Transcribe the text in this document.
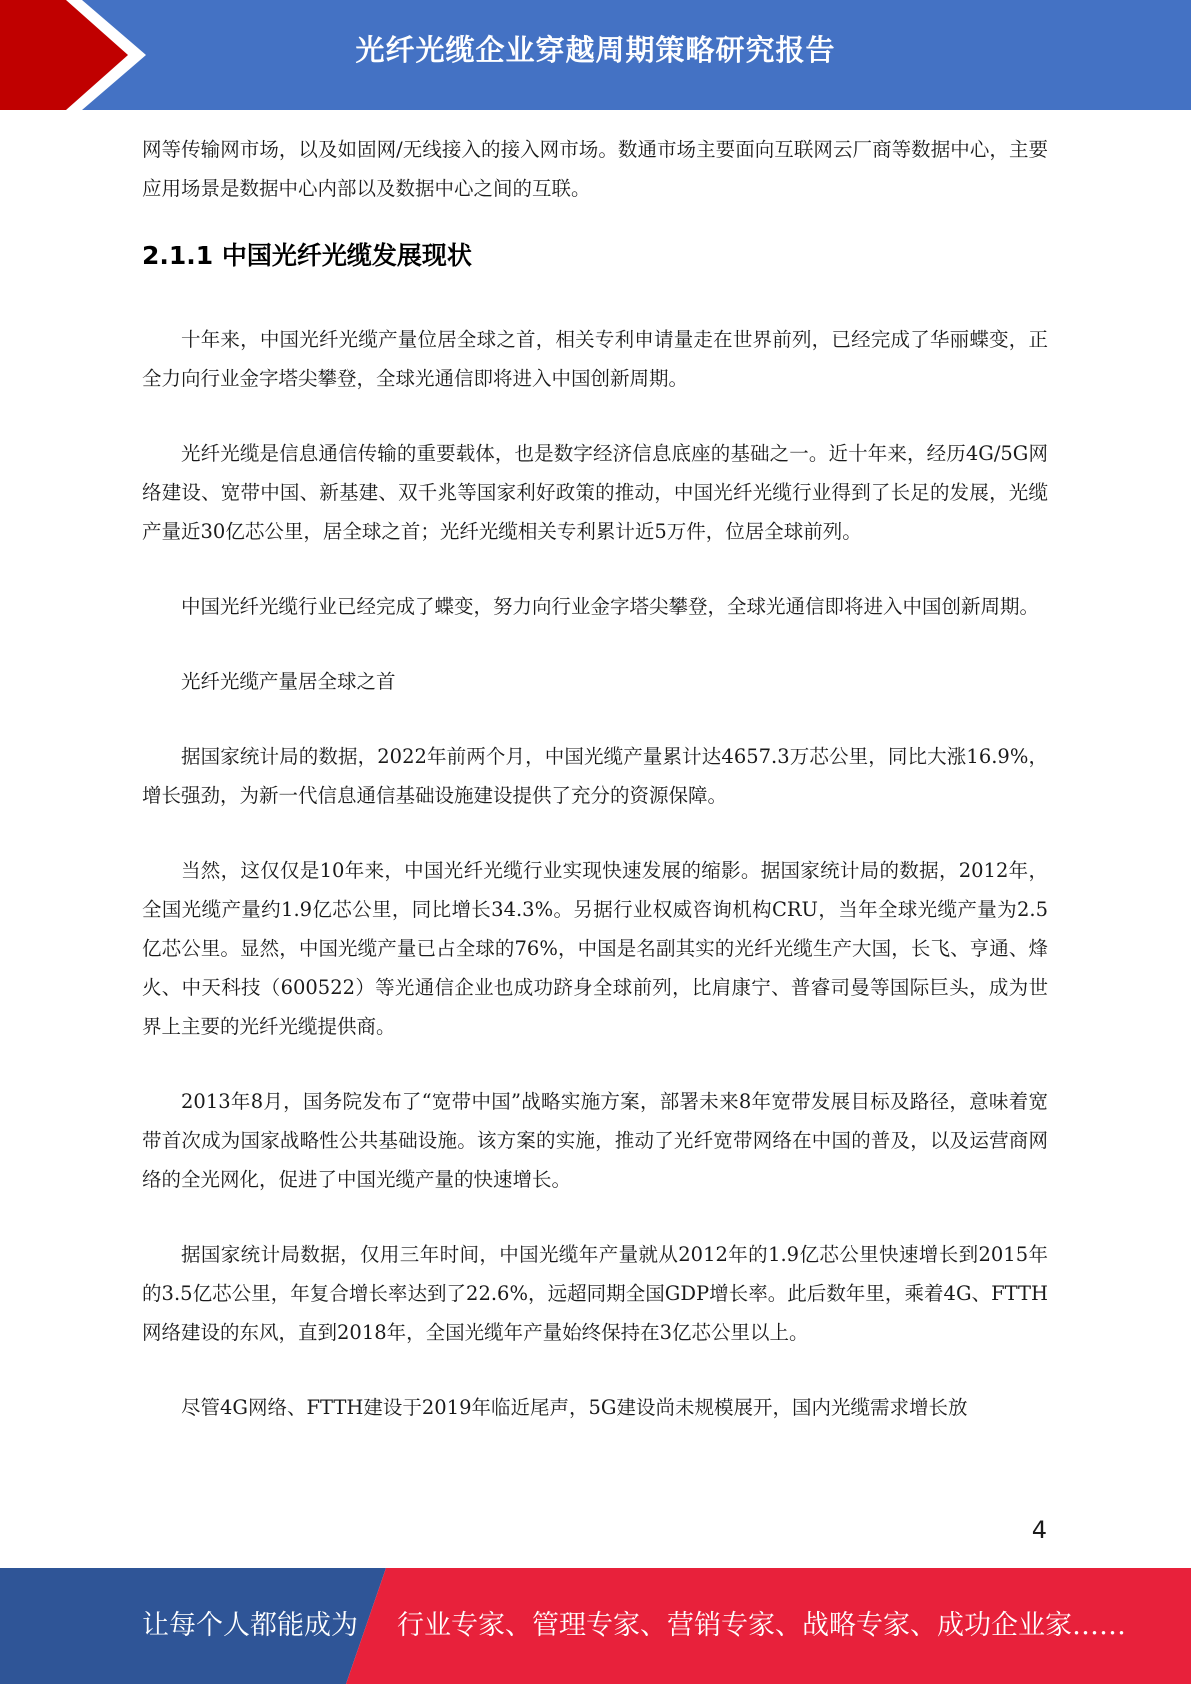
光纤光缆企业穿越周期策略研究报告

网等传输网市场，以及如固网/无线接入的接入网市场。数通市场主要面向互联网云厂商等数据中心，主要应用场景是数据中心内部以及数据中心之间的互联。

2.1.1 中国光纤光缆发展现状

十年来，中国光纤光缆产量位居全球之首，相关专利申请量走在世界前列，已经完成了华丽蝶变，正全力向行业金字塔尖攀登，全球光通信即将进入中国创新周期。

光纤光缆是信息通信传输的重要载体，也是数字经济信息底座的基础之一。近十年来，经历4G/5G网络建设、宽带中国、新基建、双千兆等国家利好政策的推动，中国光纤光缆行业得到了长足的发展，光缆产量近30亿芯公里，居全球之首；光纤光缆相关专利累计近5万件，位居全球前列。

中国光纤光缆行业已经完成了蝶变，努力向行业金字塔尖攀登，全球光通信即将进入中国创新周期。

光纤光缆产量居全球之首

据国家统计局的数据，2022年前两个月，中国光缆产量累计达4657.3万芯公里，同比大涨16.9%，增长强劲，为新一代信息通信基础设施建设提供了充分的资源保障。

当然，这仅仅是10年来，中国光纤光缆行业实现快速发展的缩影。据国家统计局的数据，2012年，全国光缆产量约1.9亿芯公里，同比增长34.3%。另据行业权威咨询机构CRU，当年全球光缆产量为2.5亿芯公里。显然，中国光缆产量已占全球的76%，中国是名副其实的光纤光缆生产大国，长飞、亨通、烽火、中天科技（600522）等光通信企业也成功跻身全球前列，比肩康宁、普睿司曼等国际巨头，成为世界上主要的光纤光缆提供商。

2013年8月，国务院发布了“宽带中国”战略实施方案，部署未来8年宽带发展目标及路径，意味着宽带首次成为国家战略性公共基础设施。该方案的实施，推动了光纤宽带网络在中国的普及，以及运营商网络的全光网化，促进了中国光缆产量的快速增长。

据国家统计局数据，仅用三年时间，中国光缆年产量就从2012年的1.9亿芯公里快速增长到2015年的3.5亿芯公里，年复合增长率达到了22.6%，远超同期全国GDP增长率。此后数年里，乘着4G、FTTH网络建设的东风，直到2018年，全国光缆年产量始终保持在3亿芯公里以上。

尽管4G网络、FTTH建设于2019年临近尾声，5G建设尚未规模展开，国内光缆需求增长放

4
让每个人都能成为 行业专家、管理专家、营销专家、战略专家、成功企业家……
